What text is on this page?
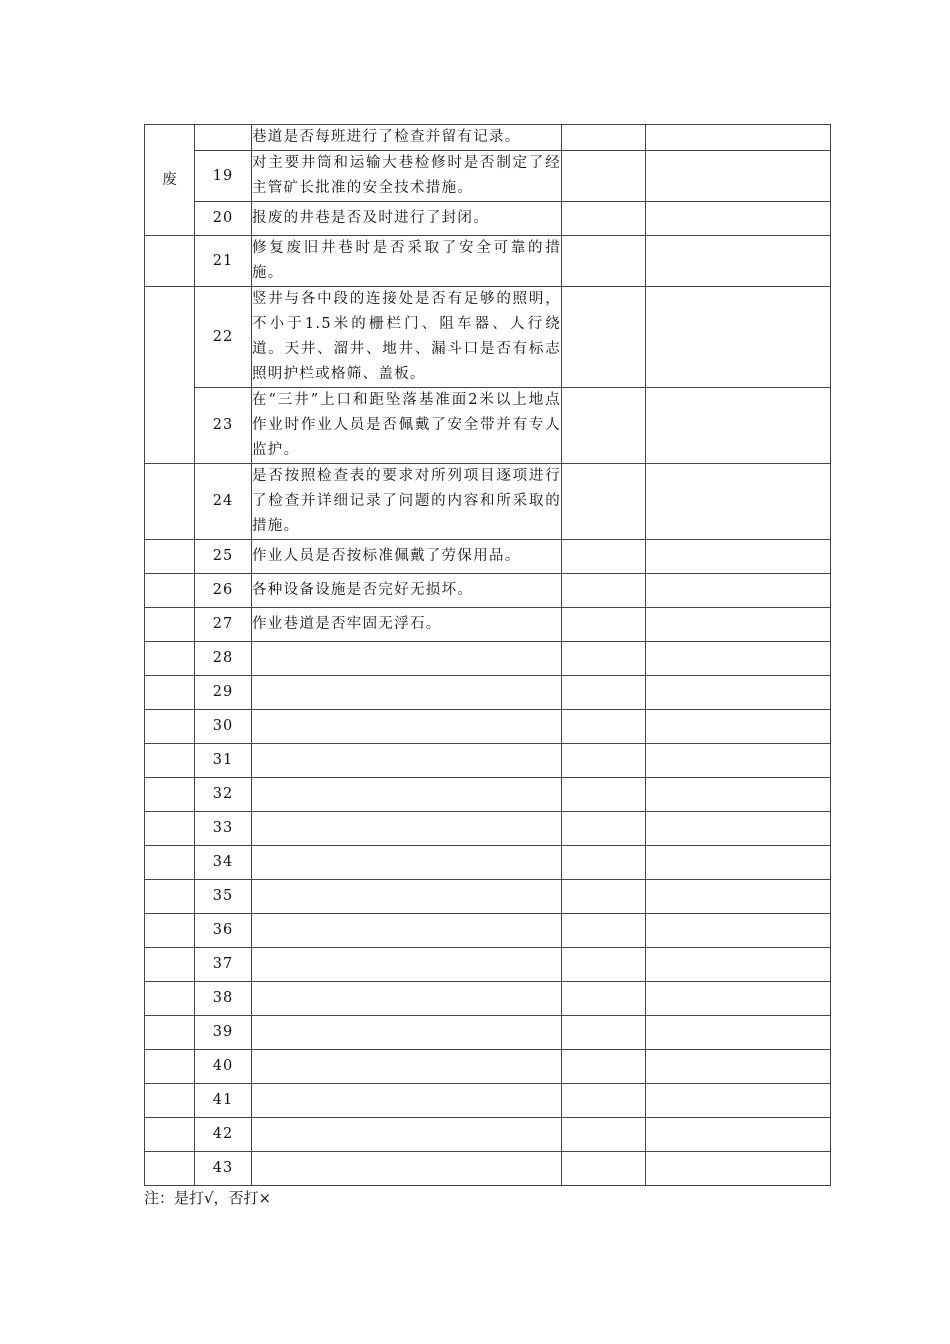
废		巷道是否每班进行了检查并留有记录。		
	19	对主要井筒和运输大巷检修时是否制定了经主管矿长批准的安全技术措施。		
	20	报废的井巷是否及时进行了封闭。		
	21	修复废旧井巷时是否采取了安全可靠的措施。		
	22	竖井与各中段的连接处是否有足够的照明，不小于1.5米的栅栏门、阻车器、人行绕道。天井、溜井、地井、漏斗口是否有标志照明护栏或格筛、盖板。		
	23	在“三井”上口和距坠落基准面2米以上地点作业时作业人员是否佩戴了安全带并有专人监护。		
	24	是否按照检查表的要求对所列项目逐项进行了检查并详细记录了问题的内容和所采取的措施。		
	25	作业人员是否按标准佩戴了劳保用品。		
	26	各种设备设施是否完好无损坏。		
	27	作业巷道是否牢固无浮石。		
	28			
	29			
	30			
	31			
	32			
	33			
	34			
	35			
	36			
	37			
	38			
	39			
	40			
	41			
	42			
	43			
注：是打√，否打×
